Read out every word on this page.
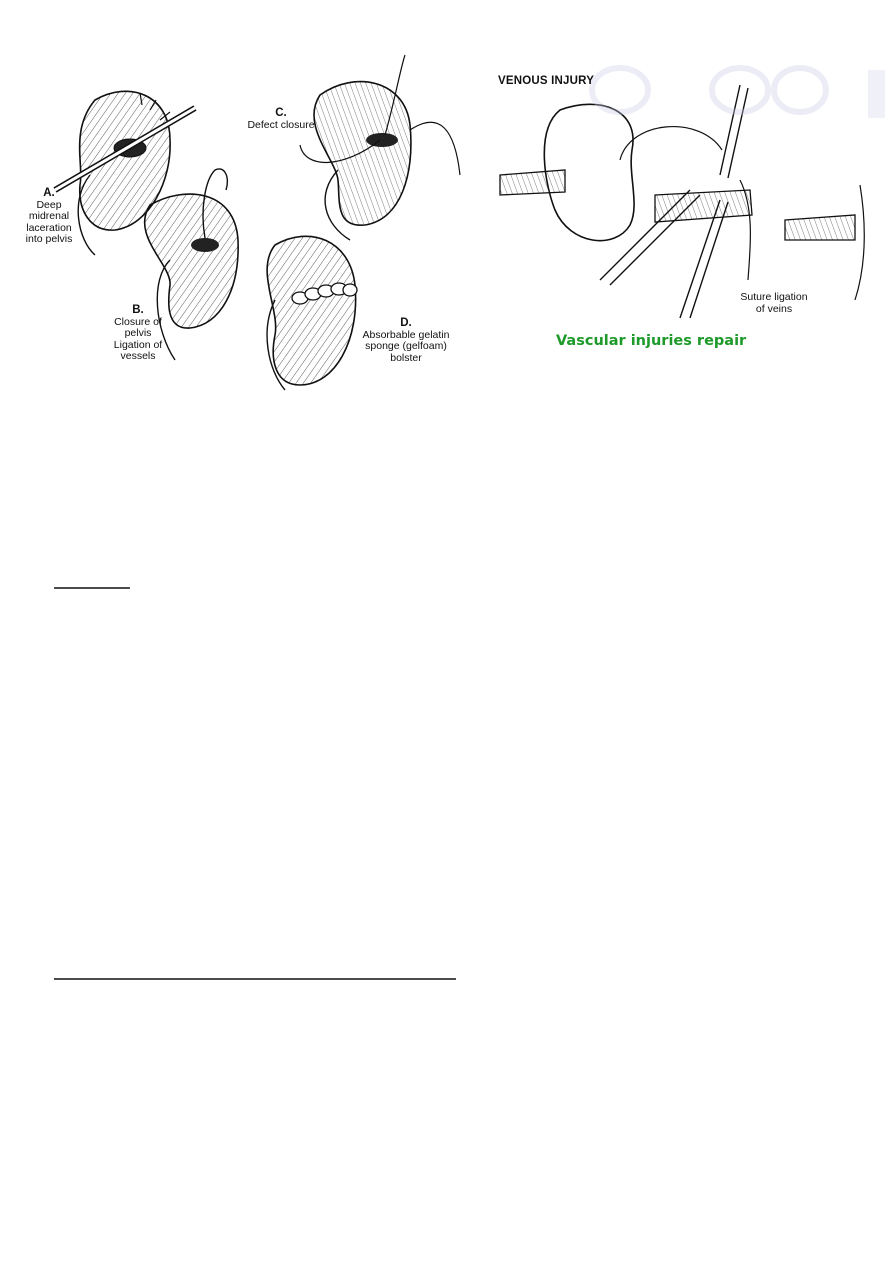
A.
Deep
midrenal
laceration
into pelvis
B.
Closure of
pelvis
Ligation of
vessels
C.
Defect closure
D.
Absorbable gelatin
sponge (gelfoam)
bolster
VENOUS INJURY
Suture ligation
of veins
Vascular injuries repair
